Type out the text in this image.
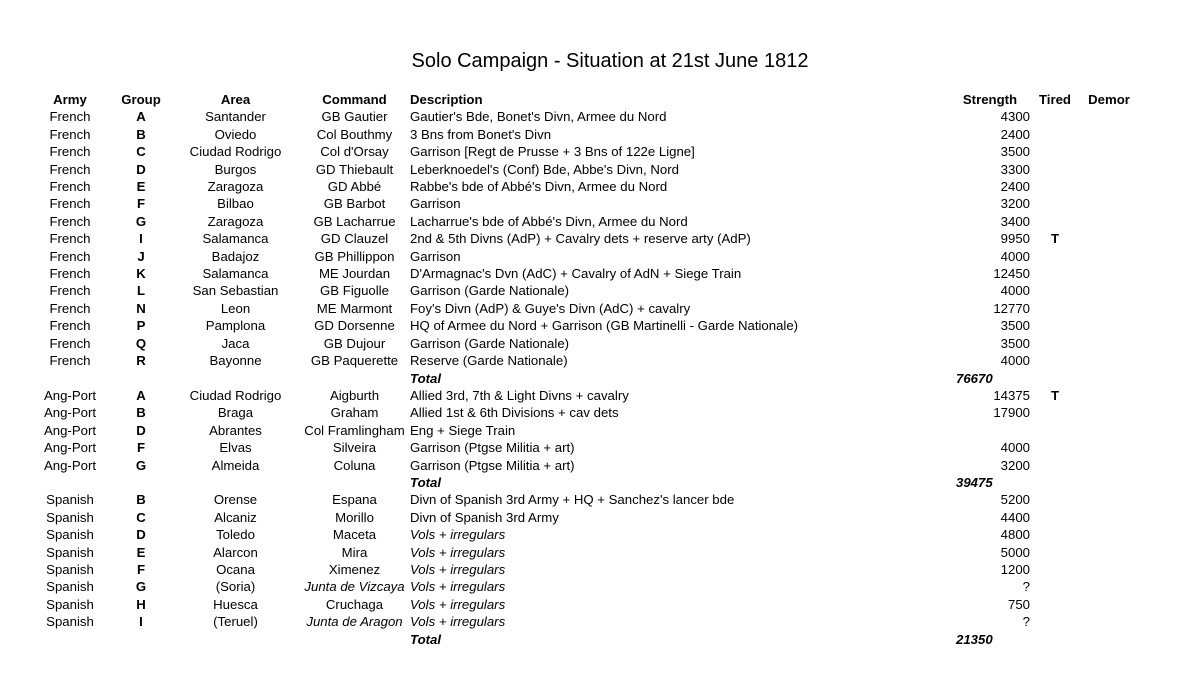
Solo Campaign - Situation at 21st June 1812
Army	Group	Area	Command	Description	Strength	Tired	Demor
French	A	Santander	GB Gautier	Gautier's Bde, Bonet's Divn, Armee du Nord	4300		
French	B	Oviedo	Col Bouthmy	3 Bns from Bonet's Divn	2400		
French	C	Ciudad Rodrigo	Col d'Orsay	Garrison [Regt de Prusse + 3 Bns of 122e Ligne]	3500		
French	D	Burgos	GD Thiebault	Leberknoedel's (Conf) Bde, Abbe's Divn, Nord	3300		
French	E	Zaragoza	GD Abbé	Rabbe's bde of Abbé's Divn, Armee du Nord	2400		
French	F	Bilbao	GB Barbot	Garrison	3200		
French	G	Zaragoza	GB Lacharrue	Lacharrue's bde of Abbé's Divn, Armee du Nord	3400		
French	I	Salamanca	GD Clauzel	2nd & 5th Divns (AdP) + Cavalry dets + reserve arty (AdP)	9950	T	
French	J	Badajoz	GB Phillippon	Garrison	4000		
French	K	Salamanca	ME Jourdan	D'Armagnac's Dvn (AdC) + Cavalry of AdN + Siege Train	12450		
French	L	San Sebastian	GB Figuolle	Garrison (Garde Nationale)	4000		
French	N	Leon	ME Marmont	Foy's Divn (AdP) & Guye's Divn (AdC) + cavalry	12770		
French	P	Pamplona	GD Dorsenne	HQ of Armee du Nord + Garrison (GB Martinelli - Garde Nationale)	3500		
French	Q	Jaca	GB Dujour	Garrison (Garde Nationale)	3500		
French	R	Bayonne	GB Paquerette	Reserve (Garde Nationale)	4000		
				Total	76670		
Ang-Port	A	Ciudad Rodrigo	Aigburth	Allied 3rd, 7th & Light Divns + cavalry	14375	T	
Ang-Port	B	Braga	Graham	Allied 1st & 6th Divisions + cav dets	17900		
Ang-Port	D	Abrantes	Col Framlingham	Eng + Siege Train			
Ang-Port	F	Elvas	Silveira	Garrison (Ptgse Militia + art)	4000		
Ang-Port	G	Almeida	Coluna	Garrison (Ptgse Militia + art)	3200		
				Total	39475		
Spanish	B	Orense	Espana	Divn of Spanish 3rd Army + HQ + Sanchez's lancer bde	5200		
Spanish	C	Alcaniz	Morillo	Divn of Spanish 3rd Army	4400		
Spanish	D	Toledo	Maceta	Vols + irregulars	4800		
Spanish	E	Alarcon	Mira	Vols + irregulars	5000		
Spanish	F	Ocana	Ximenez	Vols + irregulars	1200		
Spanish	G	(Soria)	Junta de Vizcaya	Vols + irregulars	?		
Spanish	H	Huesca	Cruchaga	Vols + irregulars	750		
Spanish	I	(Teruel)	Junta de Aragon	Vols + irregulars	?		
				Total	21350		
